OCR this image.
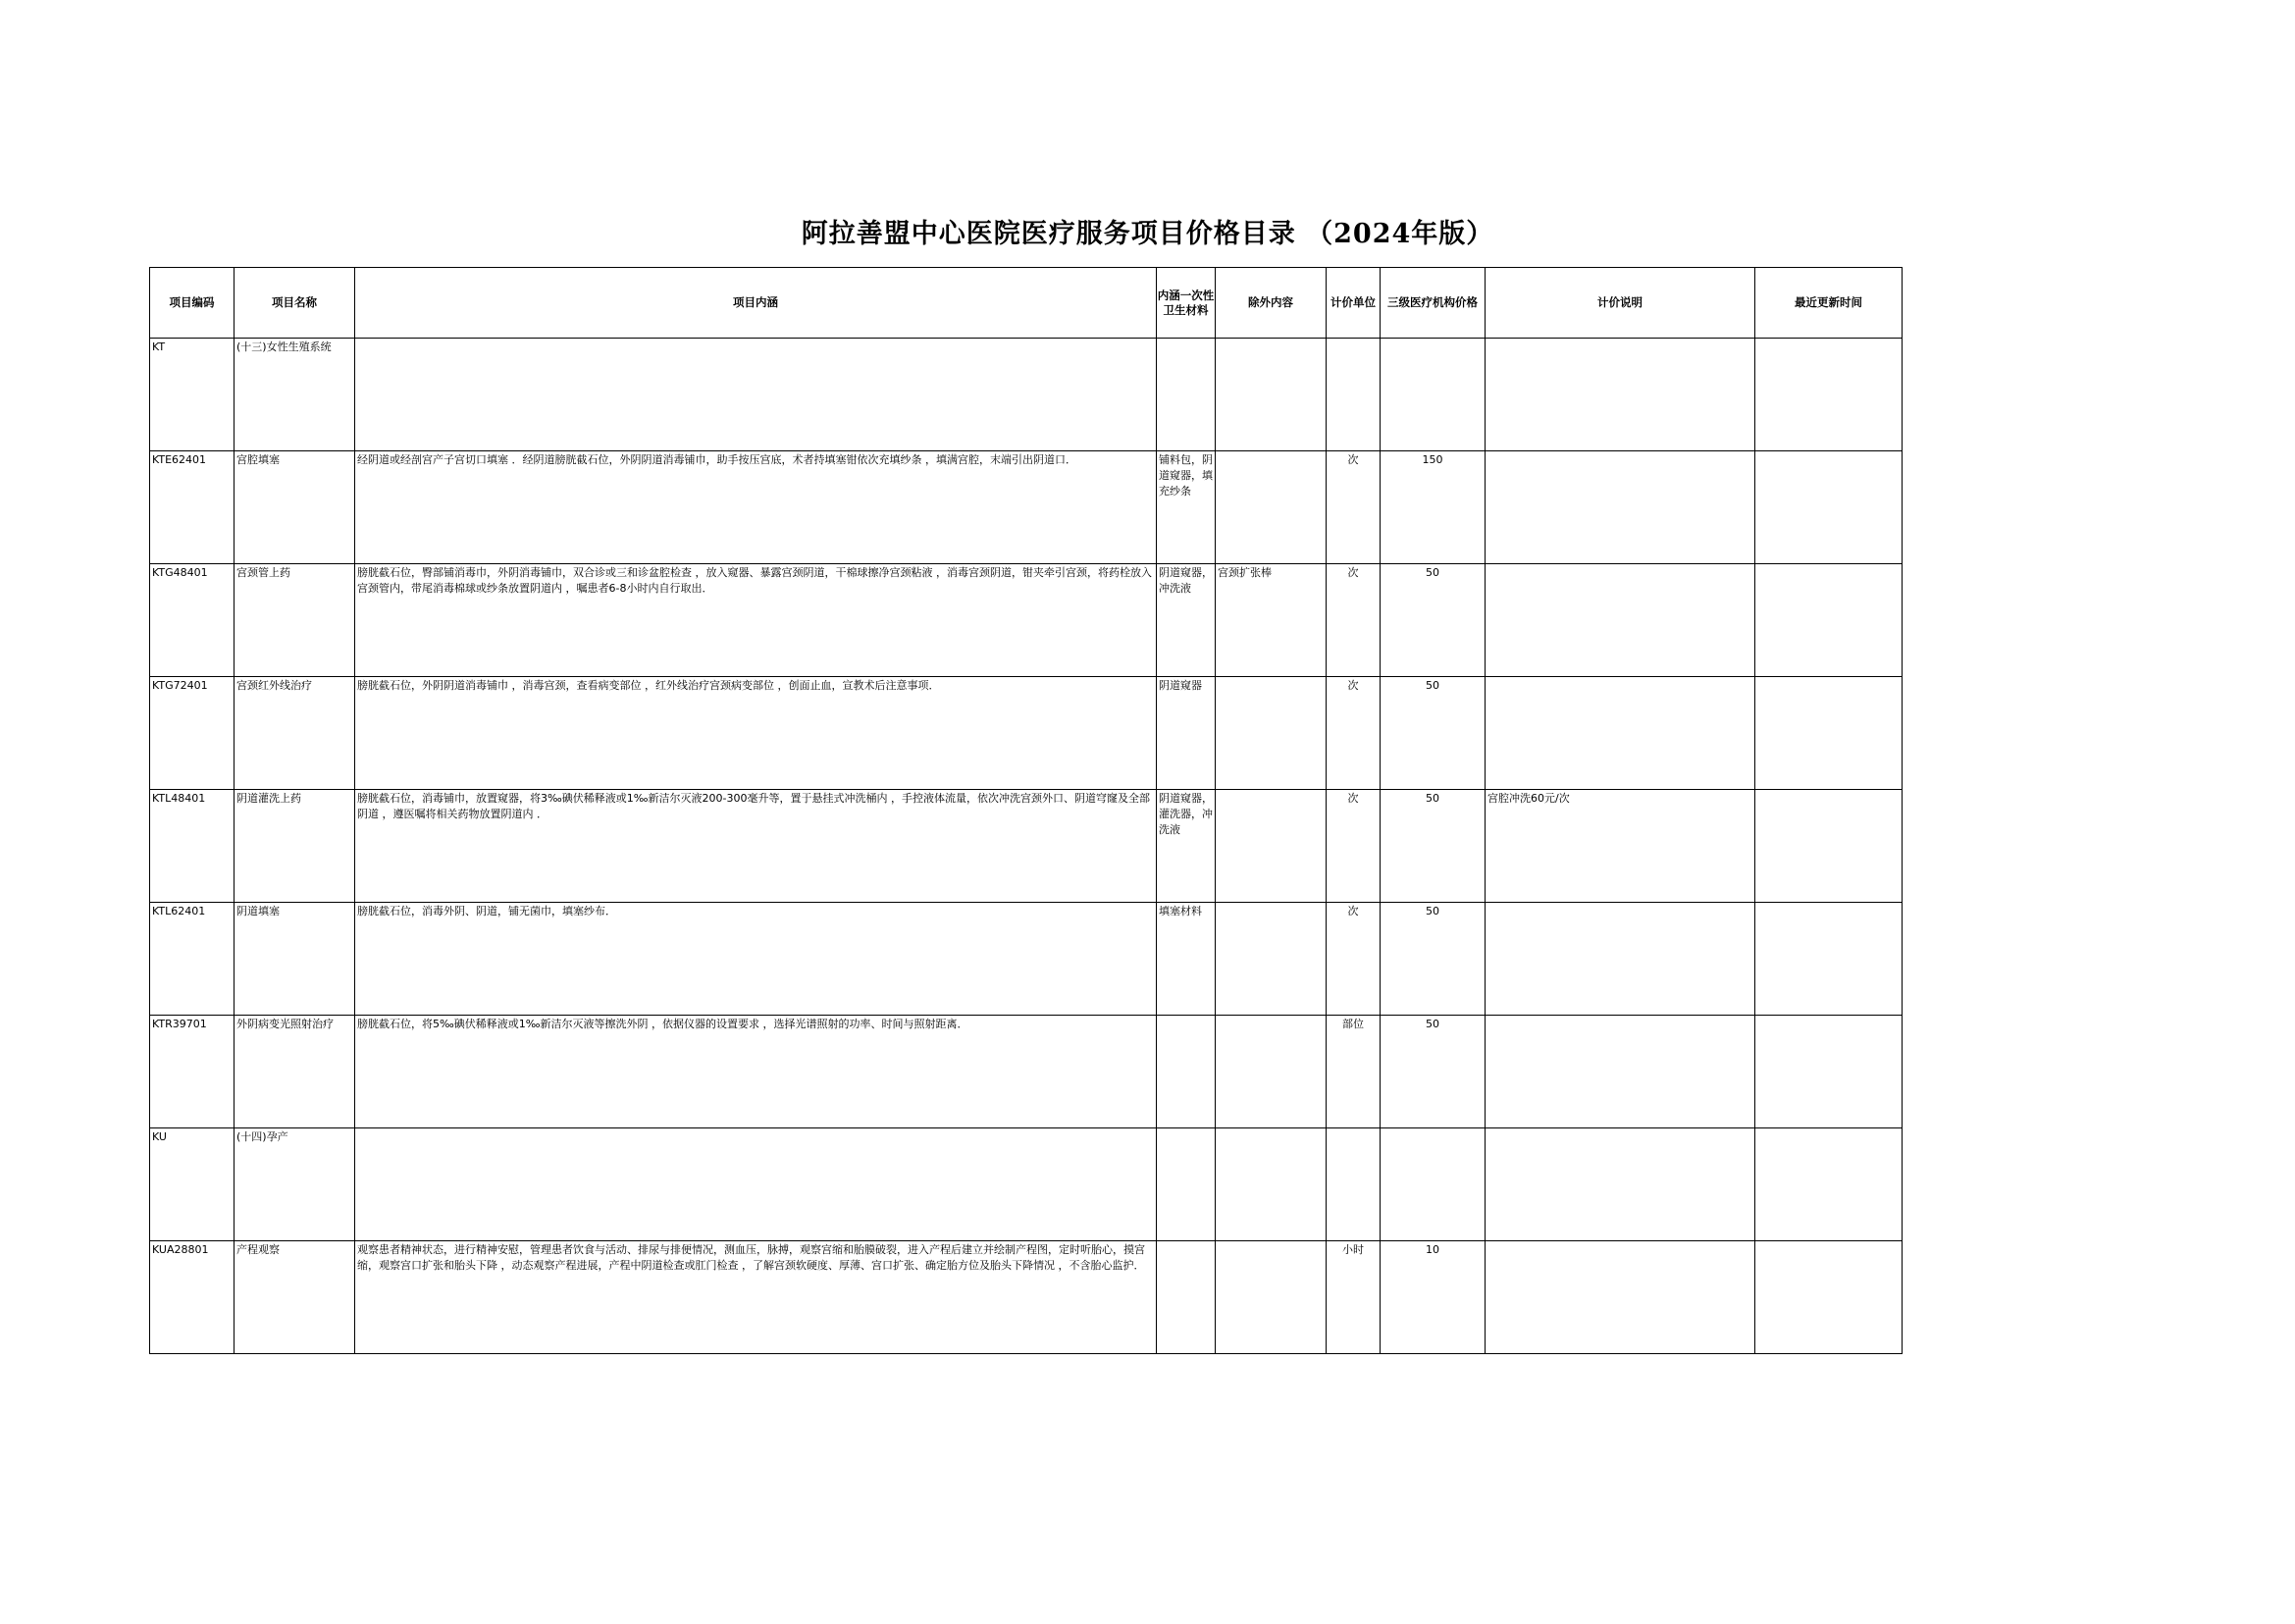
阿拉善盟中心医院医疗服务项目价格目录 （2024年版）
项目编码	项目名称	项目内涵	内涵一次性卫生材料	除外内容	计价单位	三级医疗机构价格	计价说明	最近更新时间

KT	(十三)女性生殖系统							

KTE62401	宫腔填塞	经阴道或经剖宫产子宫切口填塞 ．经阴道膀胱截石位，外阴阴道消毒铺巾，助手按压宫底，术者持填塞钳依次充填纱条 ，填满宫腔，末端引出阴道口．	铺料包，阴道窥器，填充纱条		次	150		

KTG48401	宫颈管上药	膀胱截石位，臀部铺消毒巾，外阴消毒铺巾，双合诊或三和诊盆腔检查 ，放入窥器、暴露宫颈阴道，干棉球擦净宫颈粘液 ，消毒宫颈阴道，钳夹牵引宫颈，将药栓放入宫颈管内，带尾消毒棉球或纱条放置阴道内 ，嘱患者6-8小时内自行取出．	阴道窥器，冲洗液	宫颈扩张棒	次	50		

KTG72401	宫颈红外线治疗	膀胱截石位，外阴阴道消毒铺巾 ，消毒宫颈，查看病变部位 ，红外线治疗宫颈病变部位 ，创面止血，宣教术后注意事项．	阴道窥器		次	50		

KTL48401	阴道灌洗上药	膀胱截石位，消毒铺巾，放置窥器，将3‰碘伏稀释液或1‰新洁尔灭液200-300毫升等，置于悬挂式冲洗桶内 ，手控液体流量，依次冲洗宫颈外口、阴道穹窿及全部阴道 ，遵医嘱将相关药物放置阴道内 ．	阴道窥器，灌洗器，冲洗液		次	50	宫腔冲洗60元/次	

KTL62401	阴道填塞	膀胱截石位，消毒外阴、阴道，铺无菌巾，填塞纱布．	填塞材料		次	50		

KTR39701	外阴病变光照射治疗	膀胱截石位，将5‰碘伏稀释液或1‰新洁尔灭液等擦洗外阴 ，依据仪器的设置要求 ，选择光谱照射的功率、时间与照射距离．			部位	50		

KU	(十四)孕产							

KUA28801	产程观察	观察患者精神状态，进行精神安慰，管理患者饮食与活动、排尿与排便情况，测血压，脉搏，观察宫缩和胎膜破裂，进入产程后建立并绘制产程图，定时听胎心，摸宫缩，观察宫口扩张和胎头下降 ，动态观察产程进展，产程中阴道检查或肛门检查 ，了解宫颈软硬度、厚薄、宫口扩张、确定胎方位及胎头下降情况 ，不含胎心监护．			小时	10		
